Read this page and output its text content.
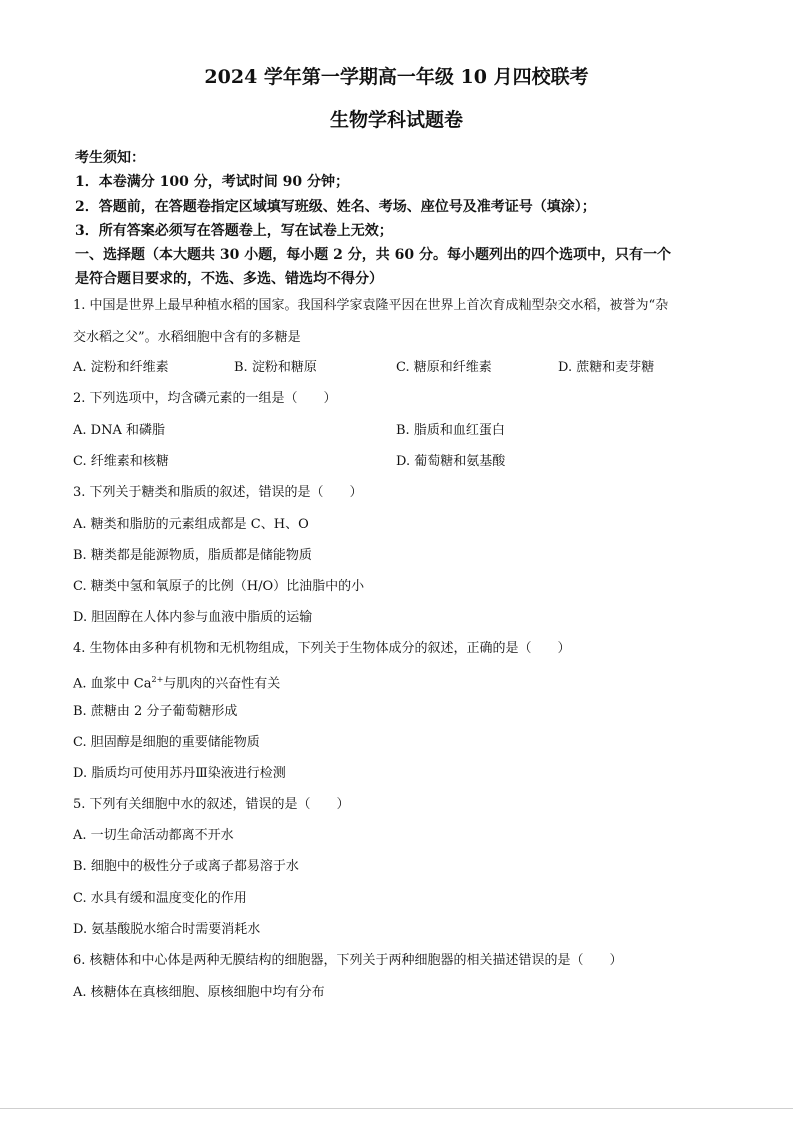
2024 学年第一学期高一年级 10 月四校联考
生物学科试题卷
考生须知：
1．本卷满分 100 分，考试时间 90 分钟；
2．答题前，在答题卷指定区域填写班级、姓名、考场、座位号及准考证号（填涂）；
3．所有答案必须写在答题卷上，写在试卷上无效；
一、选择题（本大题共 30 小题，每小题 2 分，共 60 分。每小题列出的四个选项中，只有一个
是符合题目要求的，不选、多选、错选均不得分）
1. 中国是世界上最早种植水稻的国家。我国科学家袁隆平因在世界上首次育成籼型杂交水稻，被誉为“杂
交水稻之父”。水稻细胞中含有的多糖是
A. 淀粉和纤维素	B. 淀粉和糖原	C. 糖原和纤维素	D. 蔗糖和麦芽糖
2. 下列选项中，均含磷元素的一组是（　　）
A. DNA 和磷脂	B. 脂质和血红蛋白
C. 纤维素和核糖	D. 葡萄糖和氨基酸
3. 下列关于糖类和脂质的叙述，错误的是（　　）
A. 糖类和脂肪的元素组成都是 C、H、O
B. 糖类都是能源物质，脂质都是储能物质
C. 糖类中氢和氧原子的比例（H/O）比油脂中的小
D. 胆固醇在人体内参与血液中脂质的运输
4. 生物体由多种有机物和无机物组成，下列关于生物体成分的叙述，正确的是（　　）
A. 血浆中 $Ca^{2+}$与肌肉的兴奋性有关
B. 蔗糖由 2 分子葡萄糖形成
C. 胆固醇是细胞的重要储能物质
D. 脂质均可使用苏丹Ⅲ染液进行检测
5. 下列有关细胞中水的叙述，错误的是（　　）
A. 一切生命活动都离不开水
B. 细胞中的极性分子或离子都易溶于水
C. 水具有缓和温度变化的作用
D. 氨基酸脱水缩合时需要消耗水
6. 核糖体和中心体是两种无膜结构的细胞器，下列关于两种细胞器的相关描述错误的是（　　）
A. 核糖体在真核细胞、原核细胞中均有分布
